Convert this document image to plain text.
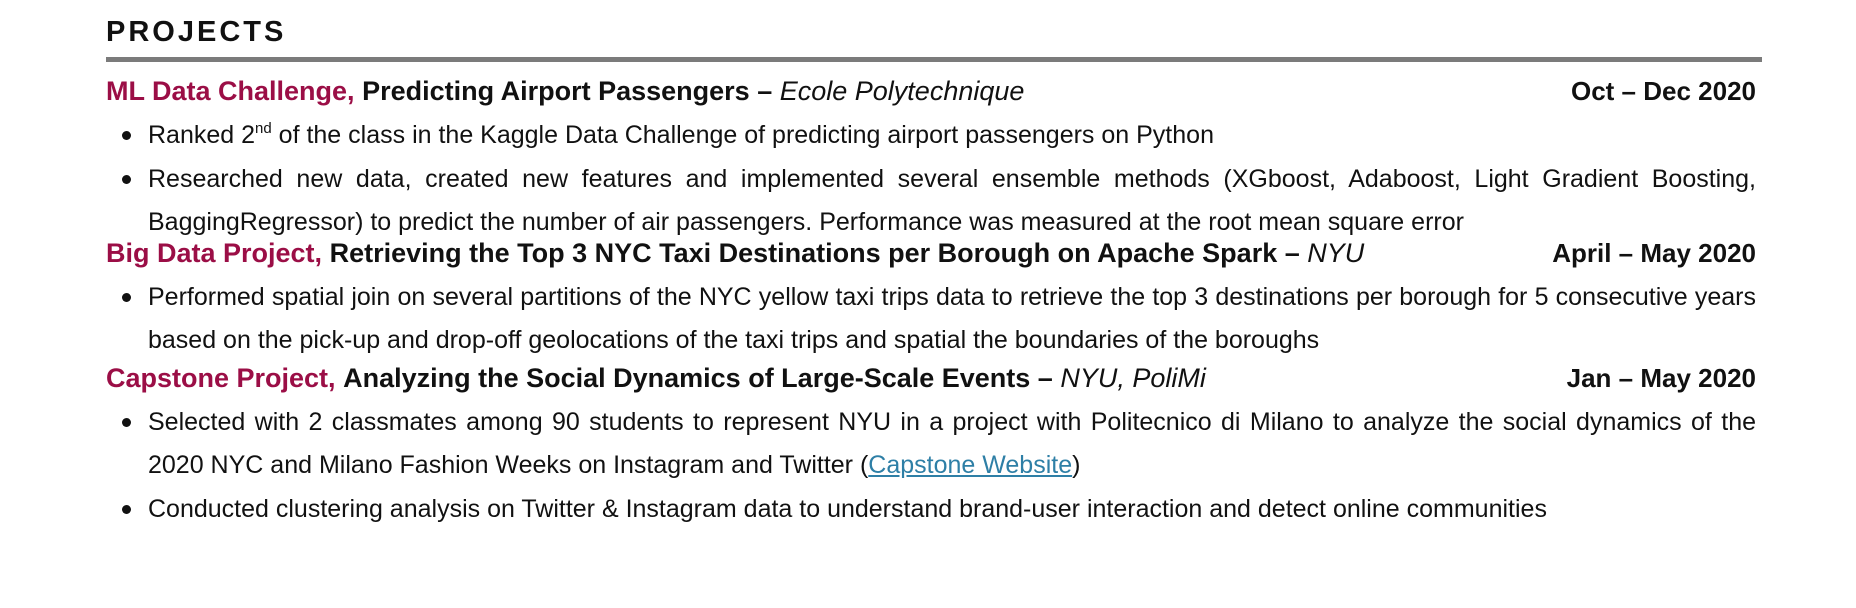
PROJECTS
ML Data Challenge, Predicting Airport Passengers – Ecole Polytechnique	Oct – Dec 2020
Ranked 2nd of the class in the Kaggle Data Challenge of predicting airport passengers on Python
Researched new data, created new features and implemented several ensemble methods (XGboost, Adaboost, Light Gradient Boosting, BaggingRegressor) to predict the number of air passengers. Performance was measured at the root mean square error
Big Data Project, Retrieving the Top 3 NYC Taxi Destinations per Borough on Apache Spark – NYU	April – May 2020
Performed spatial join on several partitions of the NYC yellow taxi trips data to retrieve the top 3 destinations per borough for 5 consecutive years based on the pick-up and drop-off geolocations of the taxi trips and spatial the boundaries of the boroughs
Capstone Project, Analyzing the Social Dynamics of Large-Scale Events – NYU, PoliMi	Jan – May 2020
Selected with 2 classmates among 90 students to represent NYU in a project with Politecnico di Milano to analyze the social dynamics of the 2020 NYC and Milano Fashion Weeks on Instagram and Twitter (Capstone Website)
Conducted clustering analysis on Twitter & Instagram data to understand brand-user interaction and detect online communities
